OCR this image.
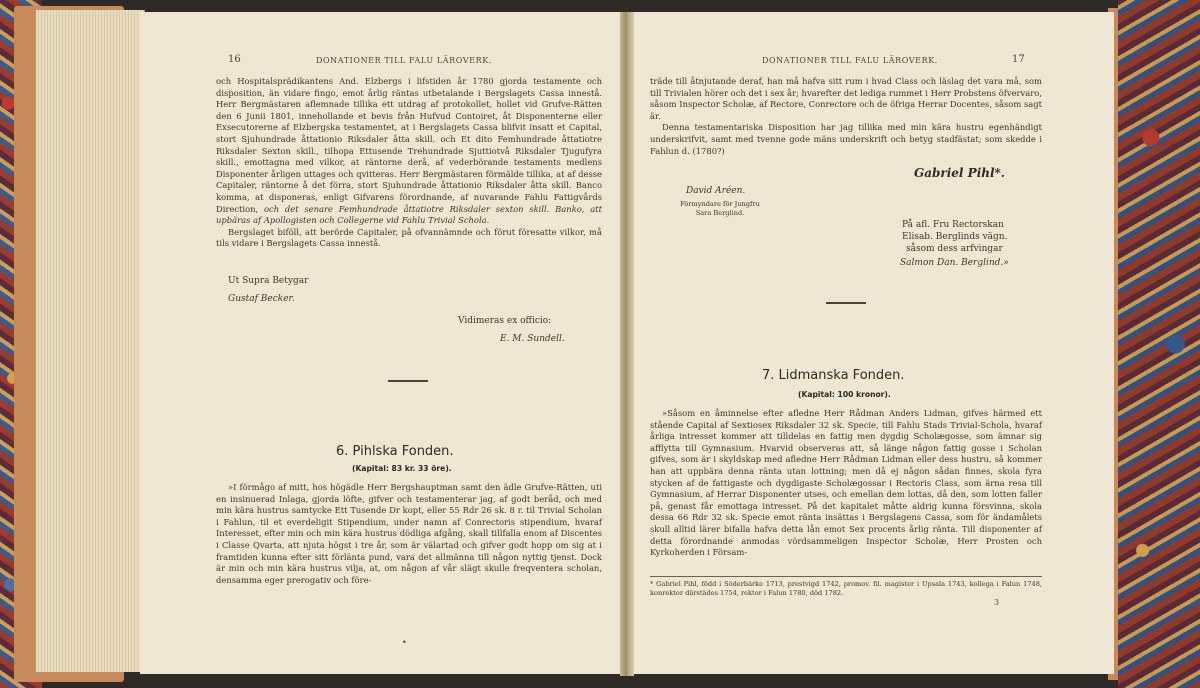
16	DONATIONER TILL FALU LÄROVERK.

och Hospitalsprädikantens And. Elzbergs i lifstiden år 1780 gjorda testamente och disposition, än vidare fingo, emot årlig räntas utbetalande i Bergslagets Cassa innestå. Herr Bergmästaren aflemnade tillika ett utdrag af protokollet, hollet vid Grufve-Rätten den 6 Junii 1801, innehollande et bevis från Hufvud Contoiret, åt Disponenterne eller Exsecutorerne af Elzbergska testamentet, at i Bergslagets Cassa blifvit insatt et Capital, stort Sjuhundrade åttationio Riksdaler åtta skill. och Et dito Femhundrade åttatiotre Riksdaler Sexton skill., tilhopa Ettusende Trehundrade Sjuttiotvå Riksdaler Tjugufyra skill., emottagna med vilkor, at räntorne derå, af vederbörande testaments medlens Disponenter årligen uttages och qvitteras. Herr Bergmästaren förmälde tillika, at af desse Capitaler, räntorne å det förra, stort Sjuhundrade åttationio Riksdaler åtta skill. Banco komma, at disponeras, enligt Gifvarens förordnande, af nuvarande Fahlu Fattigvårds Direction, och det senare Femhundrade åttatiotre Riksdaler sexton skill. Banko, att upbäras af Apollogisten och Collegerne vid Fahlu Trivial Schola.

Bergslaget biföll, att berörde Capitaler, på ofvannämnde och förut föresatte vilkor, må tils vidare i Bergslagets Cassa innestå.

Ut Supra Betygar
Gustaf Becker.
Vidimeras ex officio:
E. M. Sundell.
6. Pihlska Fonden.
(Kapital: 83 kr. 33 öre).

»I förmågo af mitt, hos högädle Herr Bergshauptman samt den ädle Grufve-Rätten, uti en insinuerad Inlaga, gjorda löfte, gifver och testamenterar jag, af godt beråd, och med min kära hustrus samtycke Ett Tusende Dr kopt, eller 55 Rdr 26 sk. 8 r. til Trivial Scholan i Fahlun, til et everdeligit Stipendium, under namn af Conrectoris stipendium, hvaraf Interesset, efter min och min kära hustrus dödliga afgång, skall tillfalla enom af Discentes i Classe Qvarta, att njuta högst i tre år, som är välartad och gifver godt hopp om sig at i framtiden kunna efter sitt förlänta pund, vara det allmänna till någon nyttig tjenst. Dock är min och min kära hustrus vilja, at, om någon af vår slägt skulle freqventera scholan, densamma eger prerogativ och före-

•
DONATIONER TILL FALU LÄROVERK.	17

träde till åtnjutande deraf, han må hafva sitt rum i hvad Class och läslag det vara må, som till Trivialen hörer och det i sex år; hvarefter det lediga rummet i Herr Probstens öfvervaro, såsom Inspector Scholæ, af Rectore, Conrectore och de öfriga Herrar Docentes, såsom sagt är.

Denna testamentariska Disposition har jag tillika med min kära hustru egenhändigt underskrifvit, samt med tvenne gode mäns underskrift och betyg stadfästat; som skedde i Fahlun d. (1780?)

Gabriel Pihl*.
David Aréen.
Förmyndare för Jungfru
Sara Berglind.
På afl. Fru Rectorskan
Elisab. Berglinds vägn.
såsom dess arfvingar
Salmon Dan. Berglind.»
7. Lidmanska Fonden.
(Kapital: 100 kronor).

»Såsom en åminnelse efter afledne Herr Rådman Anders Lidman, gifves härmed ett stående Capital af Sextiosex Riksdaler 32 sk. Specie, till Fahlu Stads Trivial-Schola, hvaraf årliga intresset kommer att tilldelas en fattig men dygdig Scholægosse, som ämnar sig afflytta till Gymnasium. Hvarvid observeras att, så länge någon fattig gosse i Scholan gifves, som är i skyldskap med afledne Herr Rådman Lidman eller dess hustru, så kommer han att uppbära denna ränta utan lottning; men då ej någon sådan finnes, skola fyra stycken af de fattigaste och dygdigaste Scholægossar i Rectoris Class, som ärna resa till Gymnasium, af Herrar Disponenter utses, och emellan dem lottas, då den, som lotten faller på, genast får emottaga intresset. På det kapitalet måtte aldrig kunna försvinna, skola dessa 66 Rdr 32 sk. Specie emot ränta insättas i Bergslagens Cassa, som för ändamålets skull alltid lärer bifalla hafva detta lån emot Sex procents årlig ränta. Till disponenter af detta förordnande anmodas vördsammeligen Inspector Scholæ, Herr Prosten och Kyrkoherden i Försam-

* Gabriel Pihl, född i Söderbärke 1713, prestvigd 1742, promov. fil. magister i Upsala 1743, kollega i Falun 1748, konrektor därstädes 1754, rektor i Falun 1780, död 1782.
3
